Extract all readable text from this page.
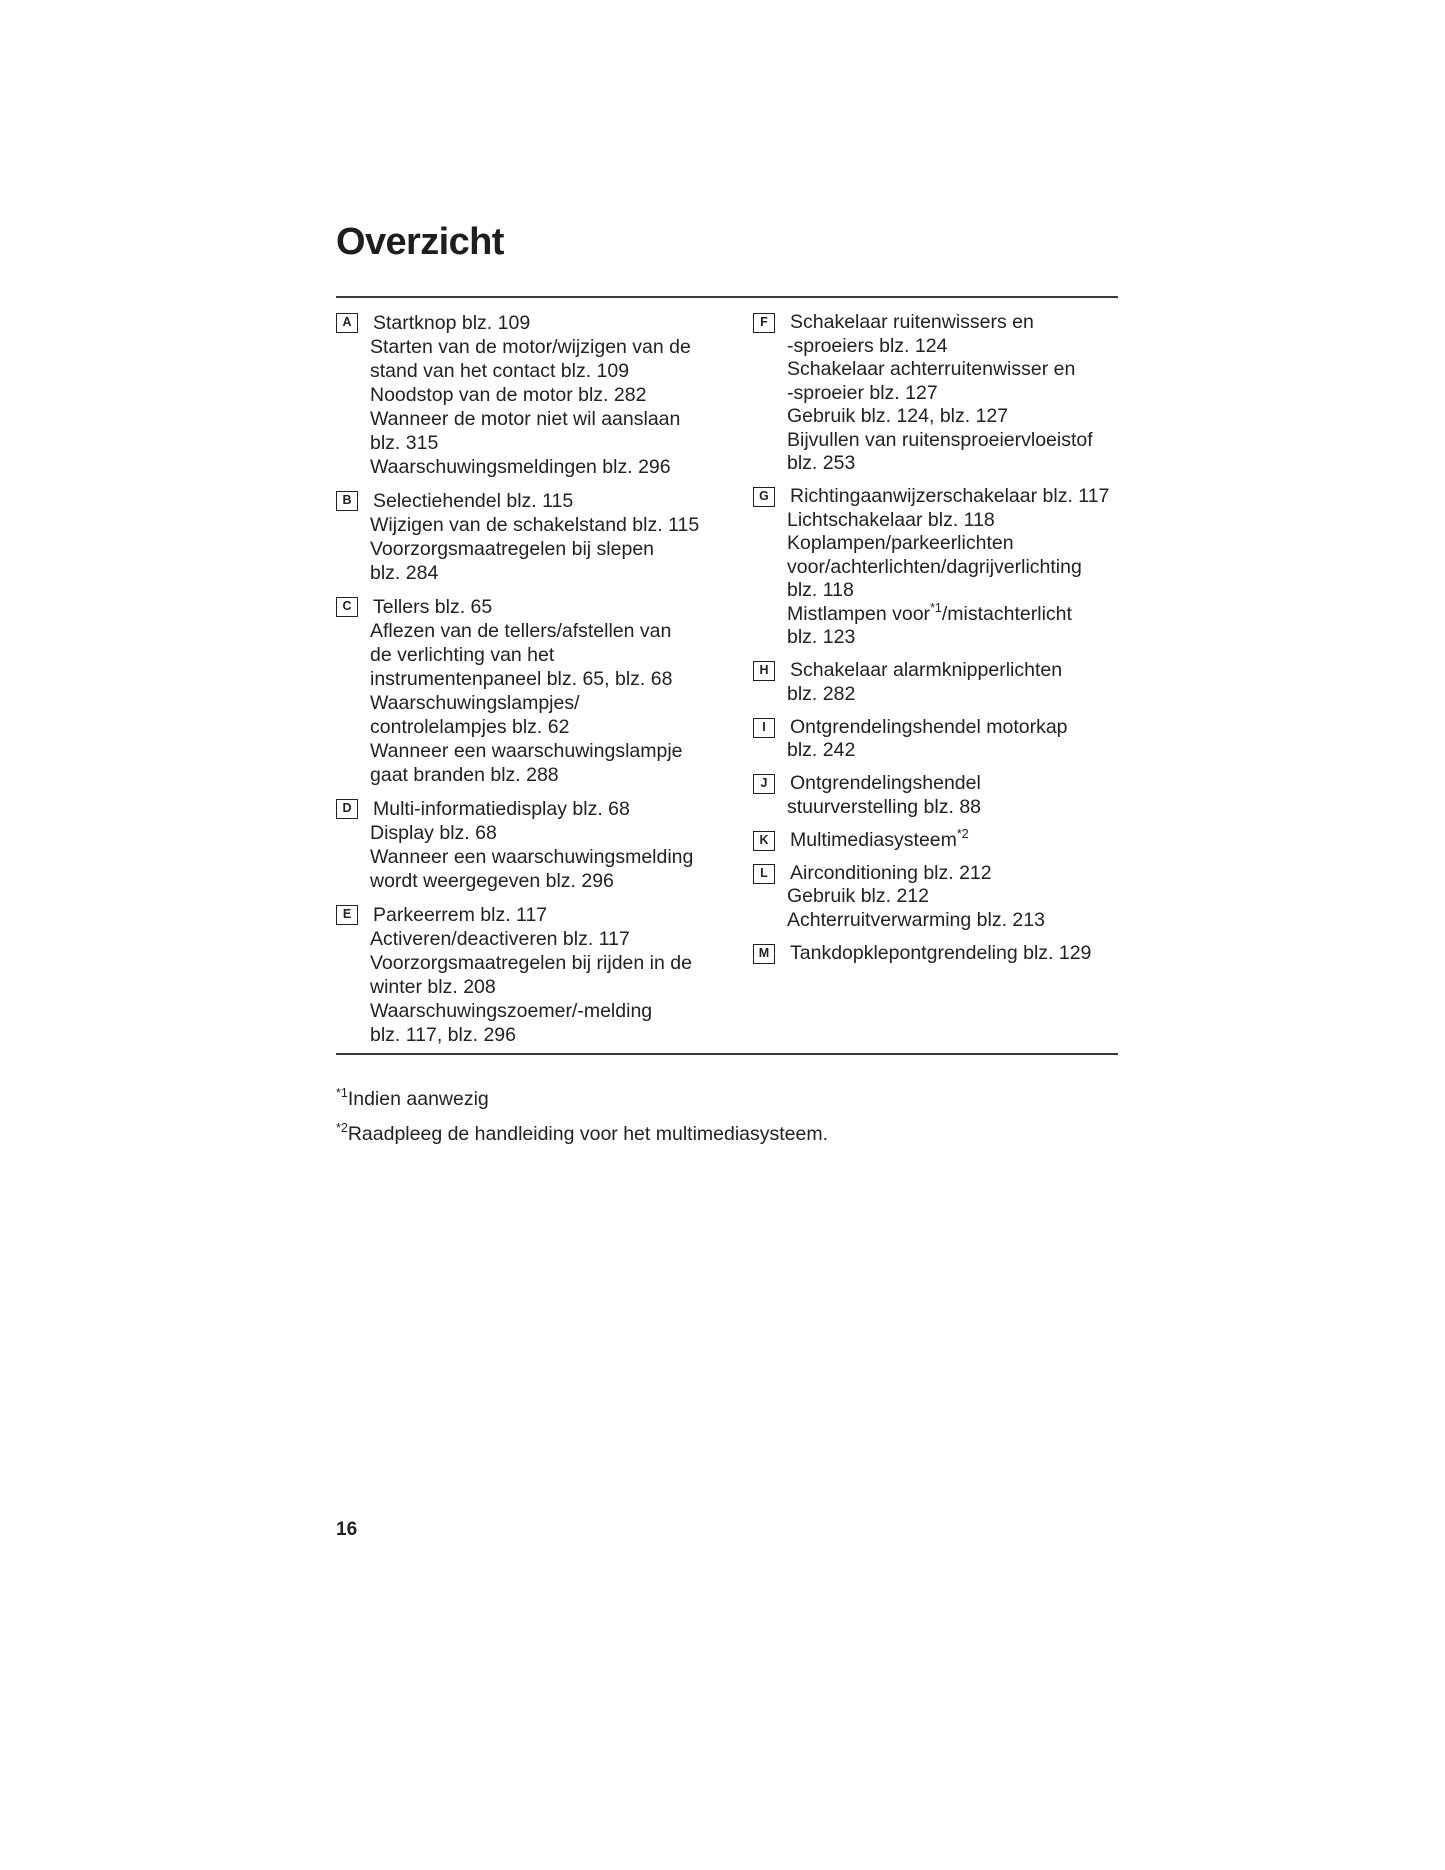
Overzicht
A	Startknop blz. 109
Starten van de motor/wijzigen van de
stand van het contact blz. 109
Noodstop van de motor blz. 282
Wanneer de motor niet wil aanslaan
blz. 315
Waarschuwingsmeldingen blz. 296
B	Selectiehendel blz. 115
Wijzigen van de schakelstand blz. 115
Voorzorgsmaatregelen bij slepen
blz. 284
C	Tellers blz. 65
Aflezen van de tellers/afstellen van
de verlichting van het
instrumentenpaneel blz. 65, blz. 68
Waarschuwingslampjes/
controlelampjes blz. 62
Wanneer een waarschuwingslampje
gaat branden blz. 288
D	Multi-informatiedisplay blz. 68
Display blz. 68
Wanneer een waarschuwingsmelding
wordt weergegeven blz. 296
E	Parkeerrem blz. 117
Activeren/deactiveren blz. 117
Voorzorgsmaatregelen bij rijden in de
winter blz. 208
Waarschuwingszoemer/-melding
blz. 117, blz. 296
F	Schakelaar ruitenwissers en
-sproeiers blz. 124
Schakelaar achterruitenwisser en
-sproeier blz. 127
Gebruik blz. 124, blz. 127
Bijvullen van ruitensproeiervloeistof
blz. 253
G	Richtingaanwijzerschakelaar blz. 117
Lichtschakelaar blz. 118
Koplampen/parkeerlichten
voor/achterlichten/dagrijverlichting
blz. 118
Mistlampen voor$^{*1}$/mistachterlicht
blz. 123
H	Schakelaar alarmknipperlichten
blz. 282
I	Ontgrendelingshendel motorkap
blz. 242
J	Ontgrendelingshendel
stuurverstelling blz. 88
K	Multimediasysteem$^{*2}$
L	Airconditioning blz. 212
Gebruik blz. 212
Achterruitverwarming blz. 213
M Tankdopklepontgrendeling blz. 129
$^{*1}$Indien aanwezig
$^{*2}$Raadpleeg de handleiding voor het multimediasysteem.
16
